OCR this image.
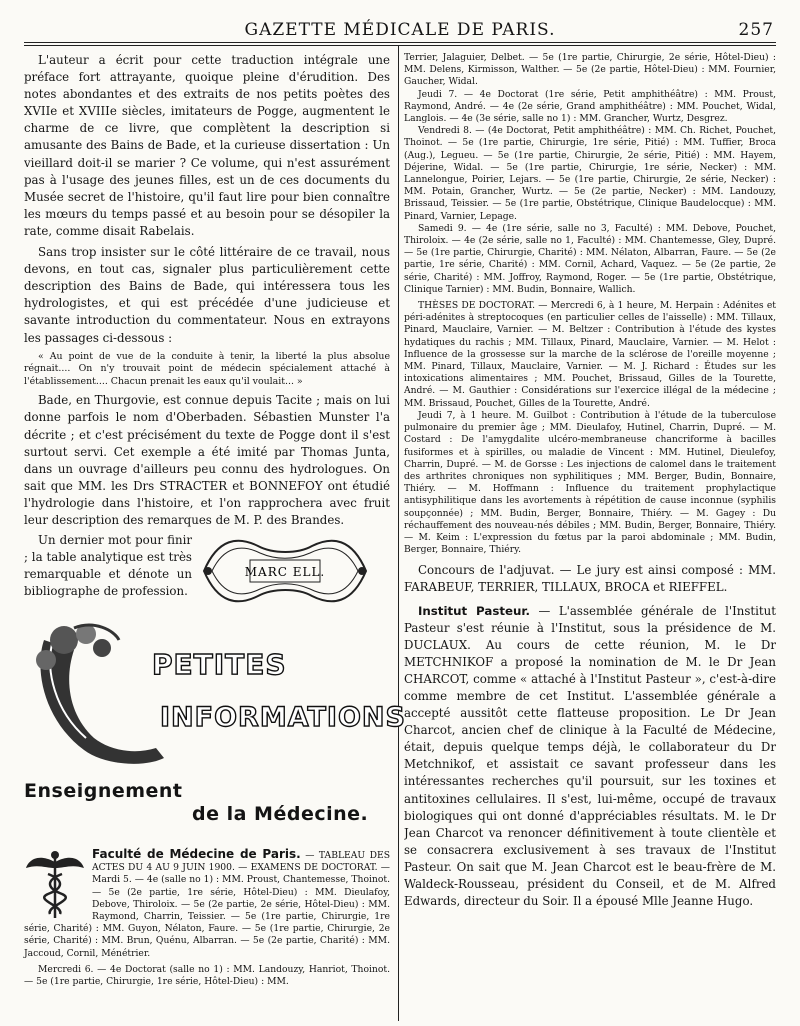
GAZETTE MÉDICALE DE PARIS.	257

L'auteur a écrit pour cette traduction intégrale une préface fort attrayante, quoique pleine d'érudition. Des notes abondantes et des extraits de nos petits poètes des XVIIe et XVIIIe siècles, imitateurs de Pogge, augmentent le charme de ce livre, que complètent la description si amusante des Bains de Bade, et la curieuse dissertation : Un vieillard doit-il se marier ? Ce volume, qui n'est assurément pas à l'usage des jeunes filles, est un de ces documents du Musée secret de l'histoire, qu'il faut lire pour bien connaître les mœurs du temps passé et au besoin pour se désopiler la rate, comme disait Rabelais.

Sans trop insister sur le côté littéraire de ce travail, nous devons, en tout cas, signaler plus particulièrement cette description des Bains de Bade, qui intéressera tous les hydrologistes, et qui est précédée d'une judicieuse et savante introduction du commentateur. Nous en extrayons les passages ci-dessous :

« Au point de vue de la conduite à tenir, la liberté la plus absolue régnait.... On n'y trouvait point de médecin spécialement attaché à l'établissement.... Chacun prenait les eaux qu'il voulait... »

Bade, en Thurgovie, est connue depuis Tacite ; mais on lui donne parfois le nom d'Oberbaden. Sébastien Munster l'a décrite ; et c'est précisément du texte de Pogge dont il s'est surtout servi. Cet exemple a été imité par Thomas Junta, dans un ouvrage d'ailleurs peu connu des hydrologues. On sait que MM. les Drs STRACTER et BONNEFOY ont étudié l'hydrologie dans l'histoire, et l'on rapprochera avec fruit leur description des remarques de M. P. des Brandes.

Un dernier mot pour finir ; la table analytique est très remarquable et dénote un bibliographe de profession.

MARC ELL.
PETITES
INFORMATIONS
Enseignement
de la Médecine.

Faculté de Médecine de Paris. — TABLEAU DES ACTES DU 4 AU 9 JUIN 1900. — EXAMENS DE DOCTORAT. — Mardi 5. — 4e (salle no 1) : MM. Proust, Chantemesse, Thoinot. — 5e (2e partie, 1re série, Hôtel-Dieu) : MM. Dieulafoy, Debove, Thiroloix. — 5e (2e partie, 2e série, Hôtel-Dieu) : MM. Raymond, Charrin, Teissier. — 5e (1re partie, Chirurgie, 1re série, Charité) : MM. Guyon, Nélaton, Faure. — 5e (1re partie, Chirurgie, 2e série, Charité) : MM. Brun, Quénu, Albarran. — 5e (2e partie, Charité) : MM. Jaccoud, Cornil, Ménétrier.

Mercredi 6. — 4e Doctorat (salle no 1) : MM. Landouzy, Hanriot, Thoinot. — 5e (1re partie, Chirurgie, 1re série, Hôtel-Dieu) : MM.

Terrier, Jalaguier, Delbet. — 5e (1re partie, Chirurgie, 2e série, Hôtel-Dieu) : MM. Delens, Kirmisson, Walther. — 5e (2e partie, Hôtel-Dieu) : MM. Fournier, Gaucher, Widal.

Jeudi 7. — 4e Doctorat (1re série, Petit amphithéâtre) : MM. Proust, Raymond, André. — 4e (2e série, Grand amphithéâtre) : MM. Pouchet, Widal, Langlois. — 4e (3e série, salle no 1) : MM. Grancher, Wurtz, Desgrez.

Vendredi 8. — (4e Doctorat, Petit amphithéâtre) : MM. Ch. Richet, Pouchet, Thoinot. — 5e (1re partie, Chirurgie, 1re série, Pitié) : MM. Tuffier, Broca (Aug.), Legueu. — 5e (1re partie, Chirurgie, 2e série, Pitié) : MM. Hayem, Déjerine, Widal. — 5e (1re partie, Chirurgie, 1re série, Necker) : MM. Lannelongue, Poirier, Lejars. — 5e (1re partie, Chirurgie, 2e série, Necker) : MM. Potain, Grancher, Wurtz. — 5e (2e partie, Necker) : MM. Landouzy, Brissaud, Teissier. — 5e (1re partie, Obstétrique, Clinique Baudelocque) : MM. Pinard, Varnier, Lepage.

Samedi 9. — 4e (1re série, salle no 3, Faculté) : MM. Debove, Pouchet, Thiroloix. — 4e (2e série, salle no 1, Faculté) : MM. Chantemesse, Gley, Dupré. — 5e (1re partie, Chirurgie, Charité) : MM. Nélaton, Albarran, Faure. — 5e (2e partie, 1re série, Charité) : MM. Cornil, Achard, Vaquez. — 5e (2e partie, 2e série, Charité) : MM. Joffroy, Raymond, Roger. — 5e (1re partie, Obstétrique, Clinique Tarnier) : MM. Budin, Bonnaire, Wallich.

THÈSES DE DOCTORAT. — Mercredi 6, à 1 heure, M. Herpain : Adénites et péri-adénites à streptocoques (en particulier celles de l'aisselle) : MM. Tillaux, Pinard, Mauclaire, Varnier. — M. Beltzer : Contribution à l'étude des kystes hydatiques du rachis ; MM. Tillaux, Pinard, Mauclaire, Varnier. — M. Helot : Influence de la grossesse sur la marche de la sclérose de l'oreille moyenne ; MM. Pinard, Tillaux, Mauclaire, Varnier. — M. J. Richard : Études sur les intoxications alimentaires ; MM. Pouchet, Brissaud, Gilles de la Tourette, André. — M. Gauthier : Considérations sur l'exercice illégal de la médecine ; MM. Brissaud, Pouchet, Gilles de la Tourette, André.

Jeudi 7, à 1 heure. M. Guilbot : Contribution à l'étude de la tuberculose pulmonaire du premier âge ; MM. Dieulafoy, Hutinel, Charrin, Dupré. — M. Costard : De l'amygdalite ulcéro-membraneuse chancriforme à bacilles fusiformes et à spirilles, ou maladie de Vincent : MM. Hutinel, Dieulefoy, Charrin, Dupré. — M. de Gorsse : Les injections de calomel dans le traitement des arthrites chroniques non syphilitiques ; MM. Berger, Budin, Bonnaire, Thiéry. — M. Hoffmann : Influence du traitement prophylactique antisyphilitique dans les avortements à répétition de cause inconnue (syphilis soupçonnée) ; MM. Budin, Berger, Bonnaire, Thiéry. — M. Gagey : Du réchauffement des nouveau-nés débiles ; MM. Budin, Berger, Bonnaire, Thiéry. — M. Keim : L'expression du fœtus par la paroi abdominale ; MM. Budin, Berger, Bonnaire, Thiéry.

Concours de l'adjuvat. — Le jury est ainsi composé : MM. FARABEUF, TERRIER, TILLAUX, BROCA et RIEFFEL.

Institut Pasteur. — L'assemblée générale de l'Institut Pasteur s'est réunie à l'Institut, sous la présidence de M. DUCLAUX. Au cours de cette réunion, M. le Dr METCHNIKOF a proposé la nomination de M. le Dr Jean CHARCOT, comme « attaché à l'Institut Pasteur », c'est-à-dire comme membre de cet Institut. L'assemblée générale a accepté aussitôt cette flatteuse proposition. Le Dr Jean Charcot, ancien chef de clinique à la Faculté de Médecine, était, depuis quelque temps déjà, le collaborateur du Dr Metchnikof, et assistait ce savant professeur dans les intéressantes recherches qu'il poursuit, sur les toxines et antitoxines cellulaires. Il s'est, lui-même, occupé de travaux biologiques qui ont donné d'appréciables résultats. M. le Dr Jean Charcot va renoncer définitivement à toute clientèle et se consacrera exclusivement à ses travaux de l'Institut Pasteur. On sait que M. Jean Charcot est le beau-frère de M. Waldeck-Rousseau, président du Conseil, et de M. Alfred Edwards, directeur du Soir. Il a épousé Mlle Jeanne Hugo.
